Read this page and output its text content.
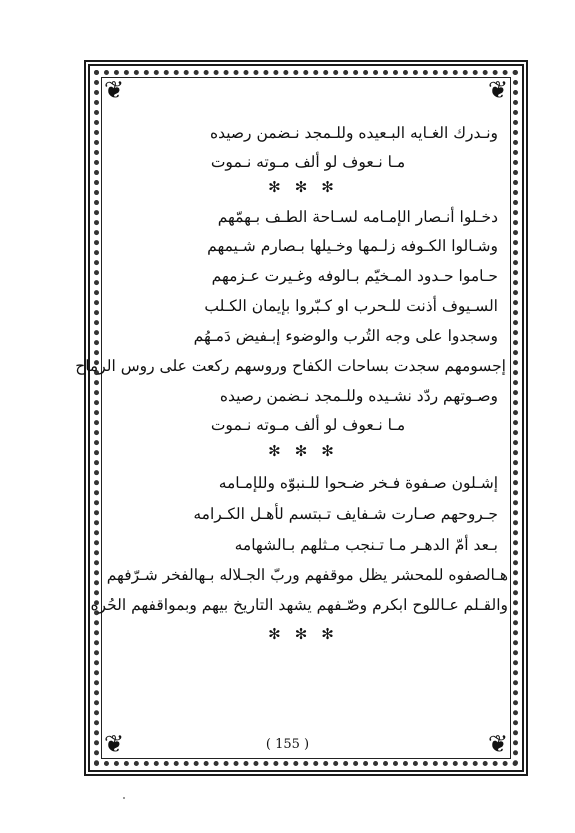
❦	❦
❦	❦
ونـدرك الغـايه البـعيده وللـمجد نـضمن رصيده
مـا نـعوف لو ألف مـوته نـموت
✻✻✻
دخـلوا أنـصار الإمـامه لسـاحة الطـف بـهمّهم
وشـالوا الكـوفه زلـمها وخـيلها بـصارم شـيمهم
حـاموا حـدود المـخيّم بـالوفه وغـيرت عـزمهم
السـيوف أذنت للـحرب او كـبّروا بإيمان الكـلب
وسجدوا على وجه التُرب والوضوء إبـفيض دَمـهُم
إجسومهم سجدت بساحات الكفاح وروسهم ركعت على روس الرماح
وصـوتهم ردّد نشـيده وللـمجد نـضمن رصيده
مـا نـعوف لو ألف مـوته نـموت
✻✻✻
إشـلون صـفوة فـخر ضـحوا للـنبوّه وللإمـامه
جـروحهم صـارت شـفايف تـبتسم لأهـل الكـرامه
بـعد أمّ الدهـر مـا تـنجب مـثلهم بـالشهامه
هـالصفوه للمحشر يظل موقفهم وربّ الجـلاله بـهالفخر شـرّفهم
والقـلم عـاللوح ابكرم وصّـفهم يشهد التاريخ بيهم وبمواقفهم الحُره
✻✻✻
( 155 )
